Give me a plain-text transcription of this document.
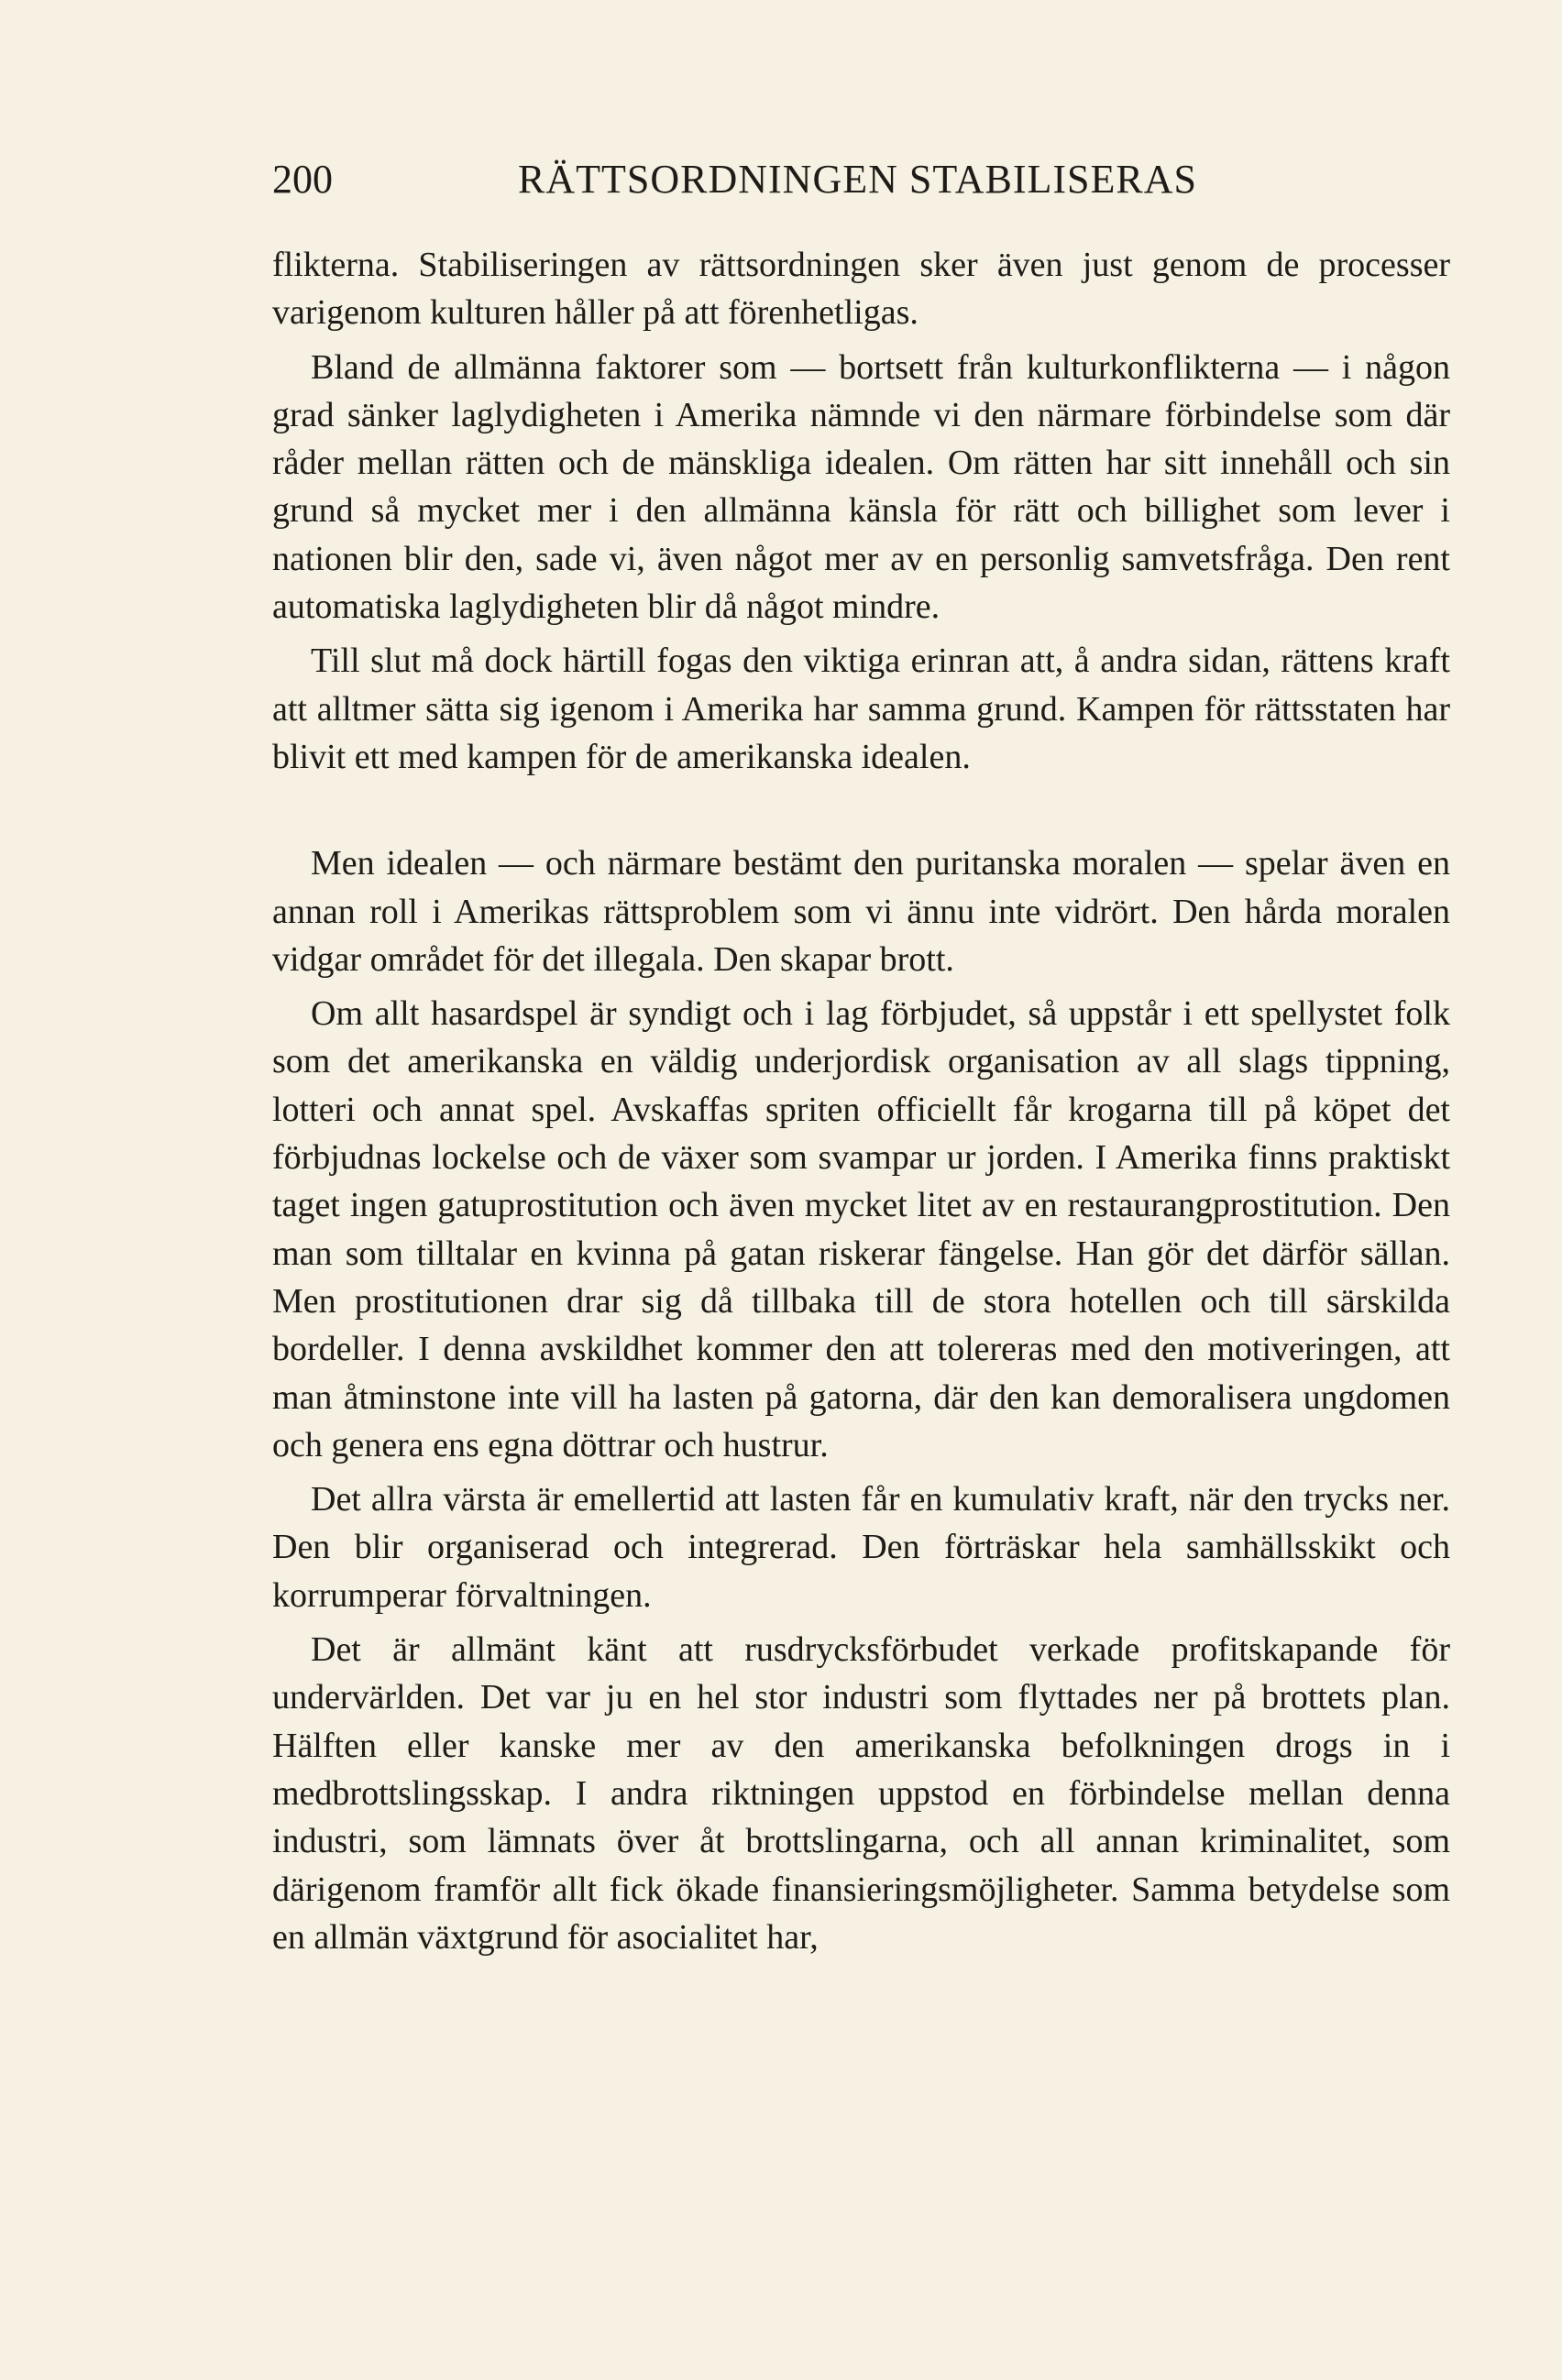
200	RÄTTSORDNINGEN STABILISERAS

flikterna. Stabiliseringen av rättsordningen sker även just genom de processer varigenom kulturen håller på att förenhetligas.

Bland de allmänna faktorer som — bortsett från kulturkonflikterna — i någon grad sänker laglydigheten i Amerika nämnde vi den närmare förbindelse som där råder mellan rätten och de mänskliga idealen. Om rätten har sitt innehåll och sin grund så mycket mer i den allmänna känsla för rätt och billighet som lever i nationen blir den, sade vi, även något mer av en personlig samvetsfråga. Den rent automatiska laglydigheten blir då något mindre.

Till slut må dock härtill fogas den viktiga erinran att, å andra sidan, rättens kraft att alltmer sätta sig igenom i Amerika har samma grund. Kampen för rättsstaten har blivit ett med kampen för de amerikanska idealen.

Men idealen — och närmare bestämt den puritanska moralen — spelar även en annan roll i Amerikas rättsproblem som vi ännu inte vidrört. Den hårda moralen vidgar området för det illegala. Den skapar brott.

Om allt hasardspel är syndigt och i lag förbjudet, så uppstår i ett spellystet folk som det amerikanska en väldig underjordisk organisation av all slags tippning, lotteri och annat spel. Avskaffas spriten officiellt får krogarna till på köpet det förbjudnas lockelse och de växer som svampar ur jorden. I Amerika finns praktiskt taget ingen gatuprostitution och även mycket litet av en restaurangprostitution. Den man som tilltalar en kvinna på gatan riskerar fängelse. Han gör det därför sällan. Men prostitutionen drar sig då tillbaka till de stora hotellen och till särskilda bordeller. I denna avskildhet kommer den att tolereras med den motiveringen, att man åtminstone inte vill ha lasten på gatorna, där den kan demoralisera ungdomen och genera ens egna döttrar och hustrur.

Det allra värsta är emellertid att lasten får en kumulativ kraft, när den trycks ner. Den blir organiserad och integrerad. Den förträskar hela samhällsskikt och korrumperar förvaltningen.

Det är allmänt känt att rusdrycksförbudet verkade profitskapande för undervärlden. Det var ju en hel stor industri som flyttades ner på brottets plan. Hälften eller kanske mer av den amerikanska befolkningen drogs in i medbrottslingsskap. I andra riktningen uppstod en förbindelse mellan denna industri, som lämnats över åt brottslingarna, och all annan kriminalitet, som därigenom framför allt fick ökade finansieringsmöjligheter. Samma betydelse som en allmän växtgrund för asocialitet har,
